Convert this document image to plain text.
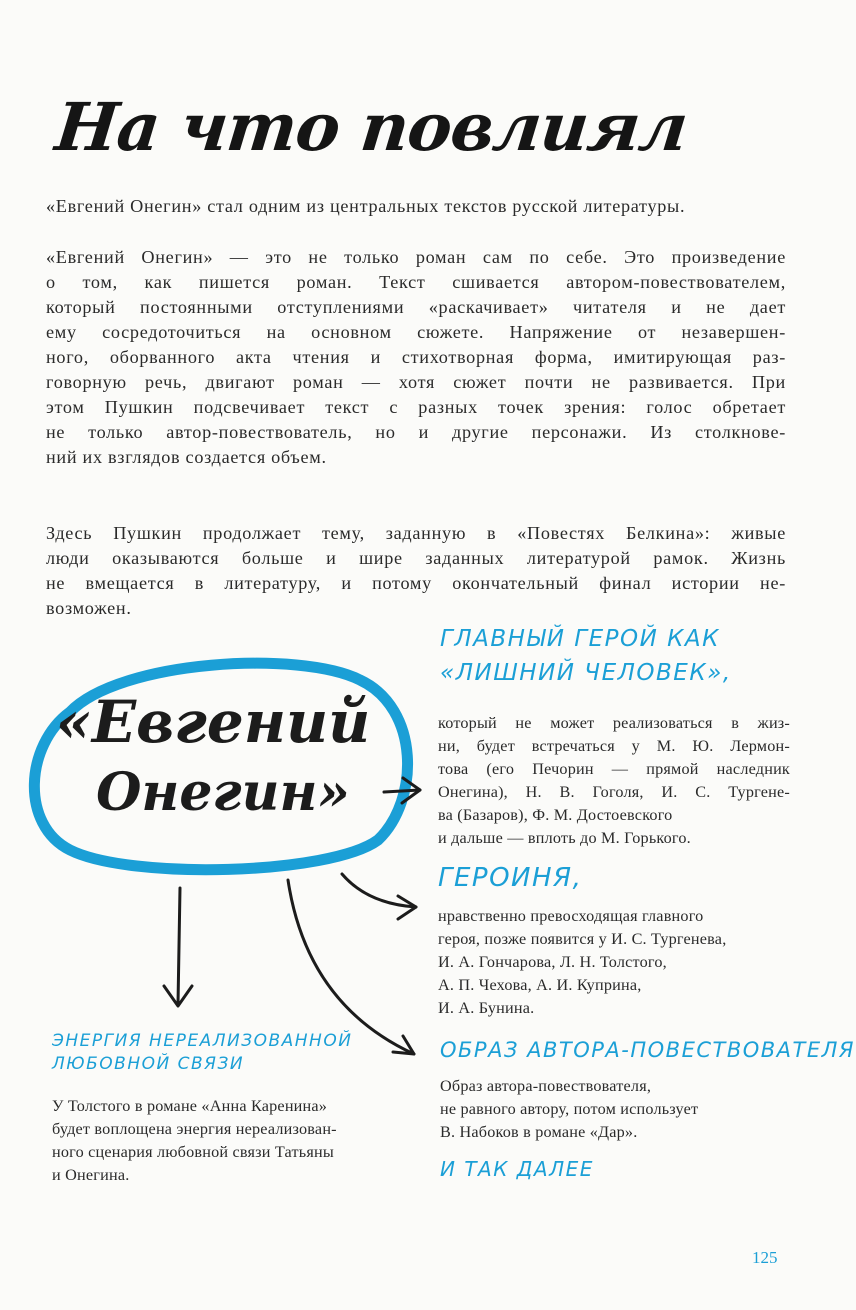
На что повлиял

«Евгений Онегин» стал одним из центральных текстов русской литературы.

«Евгений Онегин» — это не только роман сам по себе. Это произведение
о том, как пишется роман. Текст сшивается автором-повествователем,
который постоянными отступлениями «раскачивает» читателя и не дает
ему сосредоточиться на основном сюжете. Напряжение от незавершен-
ного, оборванного акта чтения и стихотворная форма, имитирующая раз-
говорную речь, двигают роман — хотя сюжет почти не развивается. При
этом Пушкин подсвечивает текст с разных точек зрения: голос обретает
не только автор-повествователь, но и другие персонажи. Из столкнове-
ний их взглядов создается объем.

Здесь Пушкин продолжает тему, заданную в «Повестях Белкина»: живые
люди оказываются больше и шире заданных литературой рамок. Жизнь
не вмещается в литературу, и потому окончательный финал истории не-
возможен.

«Евгений
Онегин»
ГЛАВНЫЙ ГЕРОЙ КАК
«ЛИШНИЙ ЧЕЛОВЕК»,

который не может реализоваться в жиз-
ни, будет встречаться у М. Ю. Лермон-
това (его Печорин — прямой наследник
Онегина), Н. В. Гоголя, И. С. Тургене-
ва (Базаров), Ф. М. Достоевского
и дальше — вплоть до М. Горького.

ГЕРОИНЯ,

нравственно превосходящая главного
героя, позже появится у И. С. Тургенева,
И. А. Гончарова, Л. Н. Толстого,
А. П. Чехова, А. И. Куприна,
И. А. Бунина.

ЭНЕРГИЯ НЕРЕАЛИЗОВАННОЙ
ЛЮБОВНОЙ СВЯЗИ

У Толстого в романе «Анна Каренина»
будет воплощена энергия нереализован-
ного сценария любовной связи Татьяны
и Онегина.

ОБРАЗ АВТОРА-ПОВЕСТВОВАТЕЛЯ

Образ автора-повествователя,
не равного автору, потом использует
В. Набоков в романе «Дар».

И ТАК ДАЛЕЕ
125
